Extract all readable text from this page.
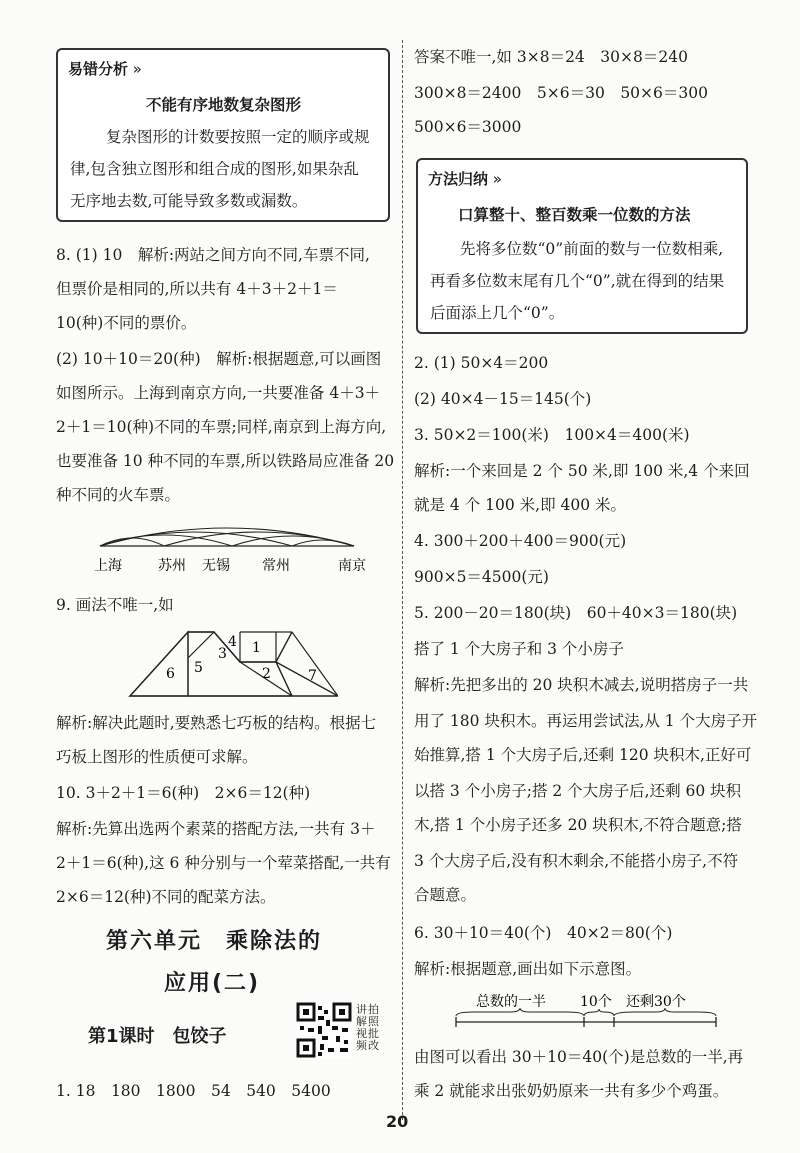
易错分析 »
不能有序地数复杂图形
复杂图形的计数要按照一定的顺序或规
律,包含独立图形和组合成的图形,如果杂乱
无序地去数,可能导致多数或漏数。
8. (1) 10　解析:两站之间方向不同,车票不同,
但票价是相同的,所以共有 4＋3＋2＋1＝
10(种)不同的票价。
(2) 10＋10＝20(种)　解析:根据题意,可以画图
如图所示。上海到南京方向,一共要准备 4＋3＋
2＋1＝10(种)不同的车票;同样,南京到上海方向,
也要准备 10 种不同的车票,所以铁路局应准备 20
种不同的火车票。
上海	苏州 无锡 常州	南京
9. 画法不唯一,如
1
2
3
4
5
6	7
解析:解决此题时,要熟悉七巧板的结构。根据七
巧板上图形的性质便可求解。
10. 3＋2＋1＝6(种)　2×6＝12(种)
解析:先算出选两个素菜的搭配方法,一共有 3＋
2＋1＝6(种),这 6 种分别与一个荤菜搭配,一共有
2×6＝12(种)不同的配菜方法。
第六单元　乘除法的
应用(二)
第1课时　包饺子
讲拍解照视批频改
1. 18　180　1800　54　540　5400
答案不唯一,如 3×8＝24　30×8＝240
300×8＝2400　5×6＝30　50×6＝300
500×6＝3000
方法归纳 »
口算整十、整百数乘一位数的方法
先将多位数“0”前面的数与一位数相乘,
再看多位数末尾有几个“0”,就在得到的结果
后面添上几个“0”。
2. (1) 50×4＝200
(2) 40×4－15＝145(个)
3. 50×2＝100(米)　100×4＝400(米)
解析:一个来回是 2 个 50 米,即 100 米,4 个来回
就是 4 个 100 米,即 400 米。
4. 300＋200＋400＝900(元)
900×5＝4500(元)
5. 200－20＝180(块)　60＋40×3＝180(块)
搭了 1 个大房子和 3 个小房子
解析:先把多出的 20 块积木减去,说明搭房子一共
用了 180 块积木。再运用尝试法,从 1 个大房子开
始推算,搭 1 个大房子后,还剩 120 块积木,正好可
以搭 3 个小房子;搭 2 个大房子后,还剩 60 块积
木,搭 1 个小房子还多 20 块积木,不符合题意;搭
3 个大房子后,没有积木剩余,不能搭小房子,不符
合题意。
6. 30＋10＝40(个)　40×2＝80(个)
解析:根据题意,画出如下示意图。
总数的一半 10个 还剩30个
由图可以看出 30＋10＝40(个)是总数的一半,再
乘 2 就能求出张奶奶原来一共有多少个鸡蛋。
20
